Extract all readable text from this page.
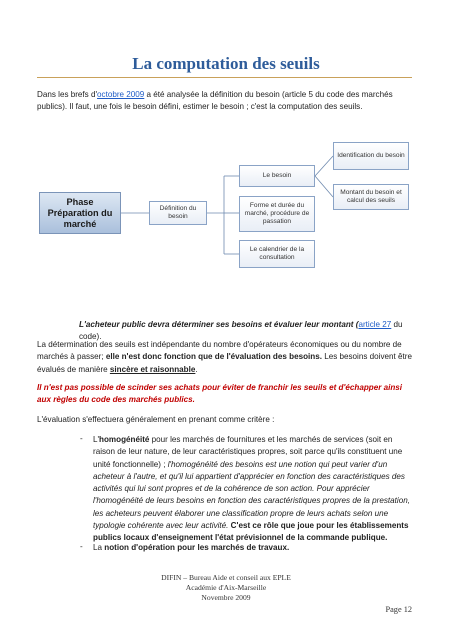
La computation des seuils
Dans les brefs d'octobre 2009 a été analysée la définition du besoin (article 5 du code des marchés publics). Il faut, une fois le besoin défini, estimer le besoin ; c'est la computation des seuils.
Phase Préparation du marché
Définition du besoin
Le besoin
Forme et durée du marché, procédure de passation
Le calendrier de la consultation
Identification du besoin
Montant du besoin et calcul des seuils
L'acheteur public devra déterminer ses besoins et évaluer leur montant (article 27 du code).
La détermination des seuils est indépendante du nombre d'opérateurs économiques ou du nombre de marchés à passer; elle n'est donc fonction que de l'évaluation des besoins. Les besoins doivent être évalués de manière sincère et raisonnable.
Il n'est pas possible de scinder ses achats pour éviter de franchir les seuils et d'échapper ainsi aux règles du code des marchés publics.
L'évaluation s'effectuera généralement en prenant comme critère :
- L'homogénéité pour les marchés de fournitures et les marchés de services (soit en raison de leur nature, de leur caractéristiques propres, soit parce qu'ils constituent une unité fonctionnelle) ; l'homogénéité des besoins est une notion qui peut varier d'un acheteur à l'autre, et qu'il lui appartient d'apprécier en fonction des caractéristiques des activités qui lui sont propres et de la cohérence de son action. Pour apprécier l'homogénéité de leurs besoins en fonction des caractéristiques propres de la prestation, les acheteurs peuvent élaborer une classification propre de leurs achats selon une typologie cohérente avec leur activité. C'est ce rôle que joue pour les établissements publics locaux d'enseignement l'état prévisionnel de la commande publique.
- La notion d'opération pour les marchés de travaux.
DIFIN – Bureau Aide et conseil aux EPLE
Académie d'Aix-Marseille
Novembre 2009
Page 12
